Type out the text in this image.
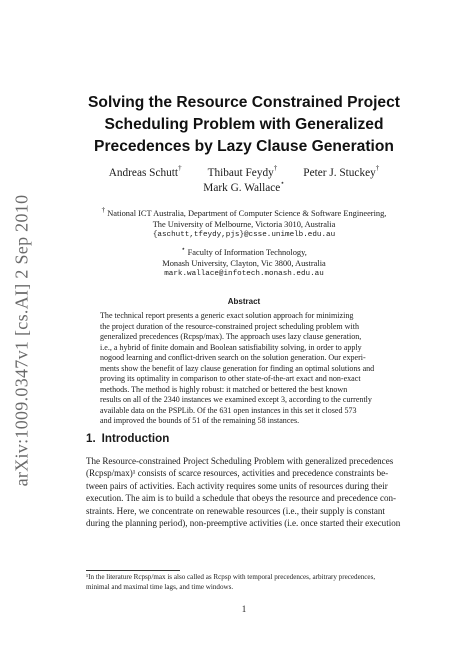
arXiv:1009.0347v1 [cs.AI] 2 Sep 2010
Solving the Resource Constrained Project
Scheduling Problem with Generalized
Precedences by Lazy Clause Generation
Andreas Schutt† Thibaut Feydy† Peter J. Stuckey†
Mark G. Wallace⋆
† National ICT Australia, Department of Computer Science & Software Engineering,
The University of Melbourne, Victoria 3010, Australia
{aschutt,tfeydy,pjs}@csse.unimelb.edu.au
⋆ Faculty of Information Technology,
Monash University, Clayton, Vic 3800, Australia
mark.wallace@infotech.monash.edu.au
Abstract
The technical report presents a generic exact solution approach for minimizing
the project duration of the resource-constrained project scheduling problem with
generalized precedences (Rcpsp/max). The approach uses lazy clause generation,
i.e., a hybrid of finite domain and Boolean satisfiability solving, in order to apply
nogood learning and conflict-driven search on the solution generation. Our experi-
ments show the benefit of lazy clause generation for finding an optimal solutions and
proving its optimality in comparison to other state-of-the-art exact and non-exact
methods. The method is highly robust: it matched or bettered the best known
results on all of the 2340 instances we examined except 3, according to the currently
available data on the PSPLib. Of the 631 open instances in this set it closed 573
and improved the bounds of 51 of the remaining 58 instances.
1. Introduction
The Resource-constrained Project Scheduling Problem with generalized precedences
(Rcpsp/max)¹ consists of scarce resources, activities and precedence constraints be-
tween pairs of activities. Each activity requires some units of resources during their
execution. The aim is to build a schedule that obeys the resource and precedence con-
straints. Here, we concentrate on renewable resources (i.e., their supply is constant
during the planning period), non-preemptive activities (i.e. once started their execution
¹In the literature Rcpsp/max is also called as Rcpsp with temporal precedences, arbitrary precedences,
minimal and maximal time lags, and time windows.
1
